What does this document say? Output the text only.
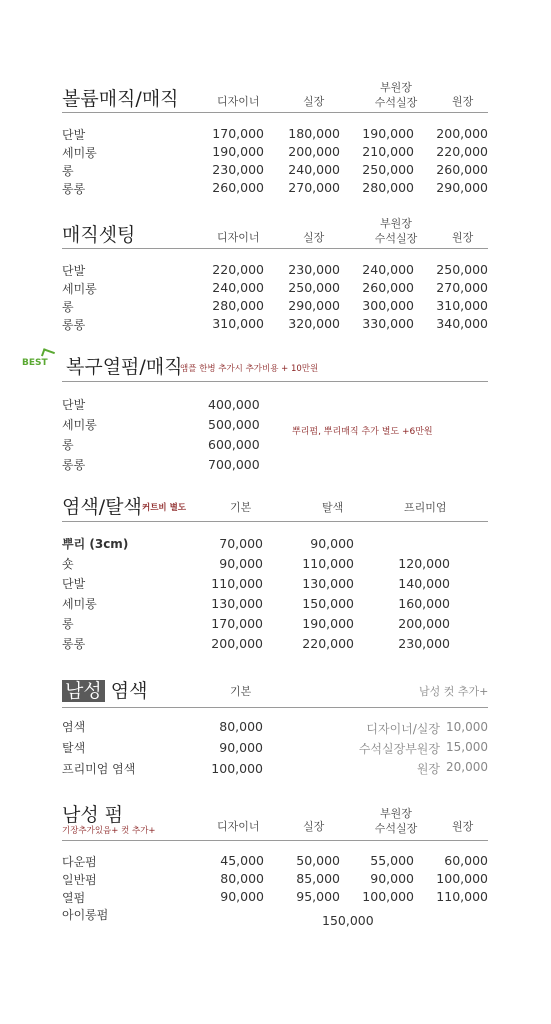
볼륨매직/매직	디자이너	실장
부원장
수석실장	원장
단발	170,000	180,000	190,000	200,000
세미롱	190,000	200,000	210,000	220,000
롱	230,000	240,000	250,000	260,000
롱롱	260,000	270,000	280,000	290,000
매직셋팅	디자이너	실장
부원장
수석실장	원장
단발	220,000	230,000	240,000	250,000
세미롱	240,000	250,000	260,000	270,000
롱	280,000	290,000	300,000	310,000
롱롱	310,000	320,000	330,000	340,000
BEST 복구열펌/매직
앰플 한병 추가시 추가비용 + 10만원
단발	400,000
세미롱	500,000
롱	600,000
롱롱	700,000
뿌리펌, 뿌리매직 추가 별도 +6만원
염색/탈색 커트비 별도	기본	탈색	프리미엄
뿌리 (3cm)	70,000	90,000
숏	90,000	110,000	120,000
단발	110,000	130,000	140,000
세미롱	130,000	150,000	160,000
롱	170,000	190,000	200,000
롱롱	200,000	220,000	230,000
남성 염색	기본	남성 컷 추가+
염색	80,000
탈색	90,000
프리미엄 염색	100,000
디자이너/실장 10,000
수석실장부원장 15,000
원장 20,000
남성 펌
기장추가있음+ 컷 추가+	디자이너	실장
부원장
수석실장	원장
다운펌	45,000	50,000	55,000	60,000
일반펌	80,000	85,000	90,000	100,000
열펌	90,000	95,000	100,000	110,000
아이롱펌	150,000
